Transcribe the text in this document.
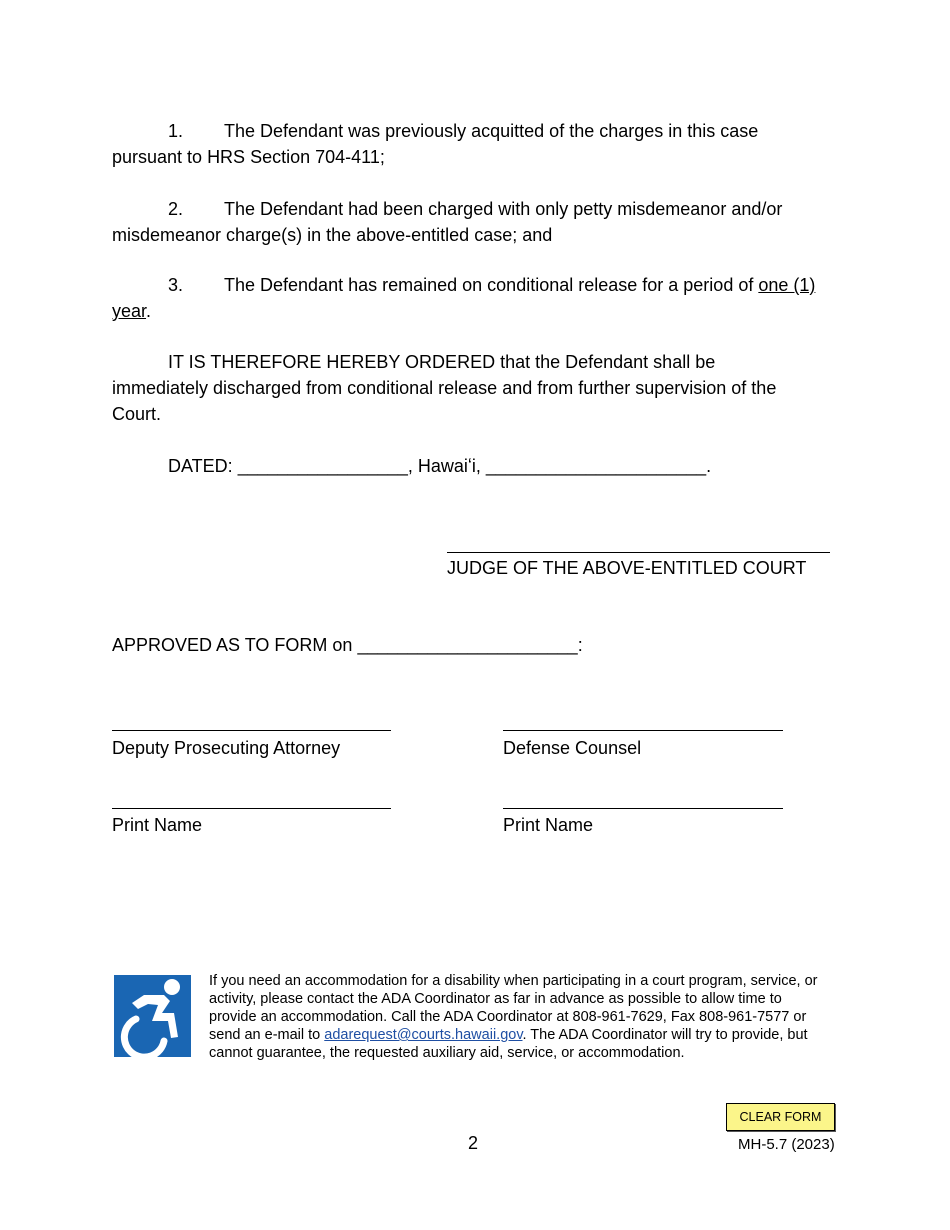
1. The Defendant was previously acquitted of the charges in this case
pursuant to HRS Section 704-411;
2. The Defendant had been charged with only petty misdemeanor and/or
misdemeanor charge(s) in the above-entitled case; and
3. The Defendant has remained on conditional release for a period of one (1)
year.
IT IS THEREFORE HEREBY ORDERED that the Defendant shall be
immediately discharged from conditional release and from further supervision of the
Court.
DATED: _________________, Hawaiʻi, ______________________.
JUDGE OF THE ABOVE-ENTITLED COURT
APPROVED AS TO FORM on ______________________:
Deputy Prosecuting Attorney	Defense Counsel
Print Name	Print Name
If you need an accommodation for a disability when participating in a court program, service, or activity, please contact the ADA Coordinator as far in advance as possible to allow time to provide an accommodation. Call the ADA Coordinator at 808-961-7629, Fax 808-961-7577 or send an e-mail to adarequest@courts.hawaii.gov. The ADA Coordinator will try to provide, but cannot guarantee, the requested auxiliary aid, service, or accommodation.
CLEAR FORM
2	MH-5.7 (2023)
